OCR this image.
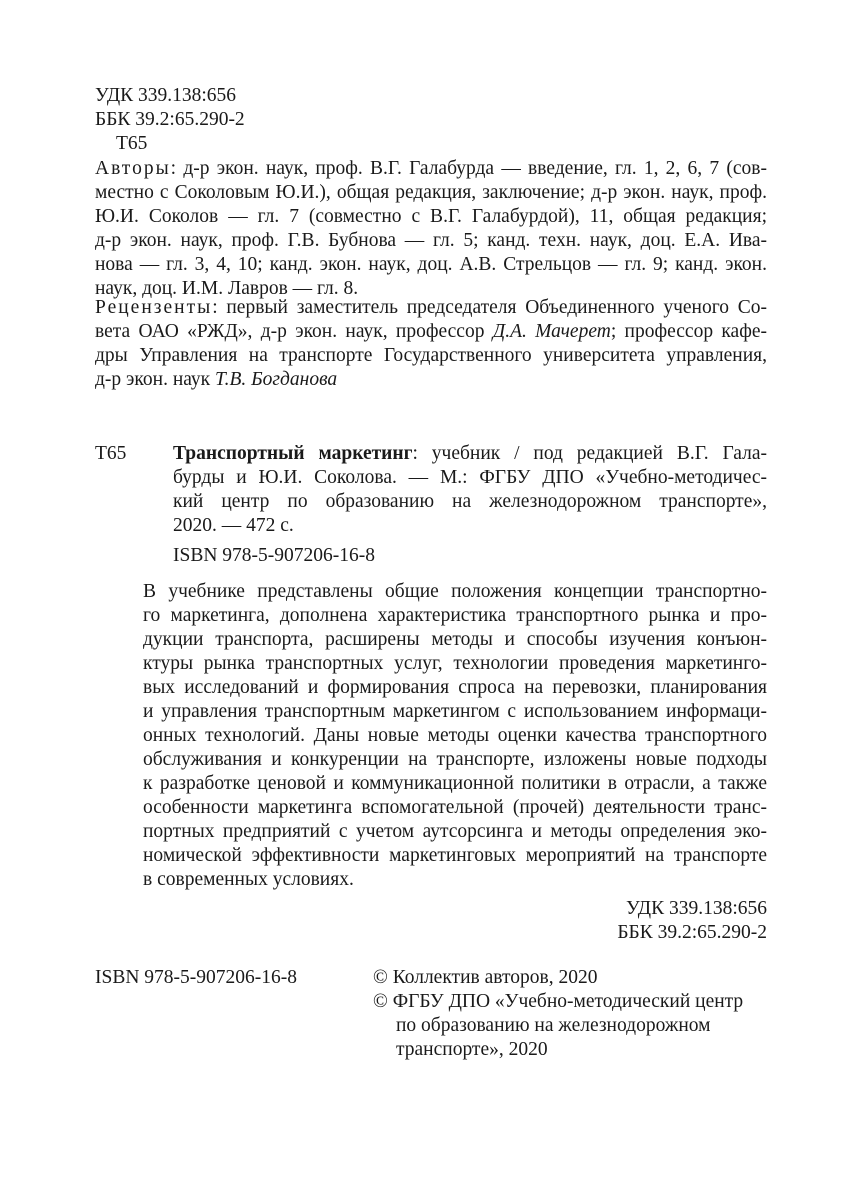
УДК 339.138:656
ББК 39.2:65.290-2
Т65
Авторы: д-р экон. наук, проф. В.Г. Галабурда — введение, гл. 1, 2, 6, 7 (сов-
местно с Соколовым Ю.И.), общая редакция, заключение; д-р экон. наук, проф.
Ю.И. Соколов — гл. 7 (совместно с В.Г. Галабурдой), 11, общая редакция;
д-р экон. наук, проф. Г.В. Бубнова — гл. 5; канд. техн. наук, доц. Е.А. Ива-
нова — гл. 3, 4, 10; канд. экон. наук, доц. А.В. Стрельцов — гл. 9; канд. экон.
наук, доц. И.М. Лавров — гл. 8.
Рецензенты: первый заместитель председателя Объединенного ученого Со-
вета ОАО «РЖД», д-р экон. наук, профессор Д.А. Мачерет; профессор кафе-
дры Управления на транспорте Государственного университета управления,
д-р экон. наук Т.В. Богданова
Т65 Транспортный маркетинг: учебник / под редакцией В.Г. Гала-
бурды и Ю.И. Соколова. — М.: ФГБУ ДПО «Учебно-методичес-
кий центр по образованию на железнодорожном транспорте»,
2020. — 472 с.
ISBN 978-5-907206-16-8
В учебнике представлены общие положения концепции транспортно-
го маркетинга, дополнена характеристика транспортного рынка и про-
дукции транспорта, расширены методы и способы изучения конъюн-
ктуры рынка транспортных услуг, технологии проведения маркетинго-
вых исследований и формирования спроса на перевозки, планирования
и управления транспортным маркетингом с использованием информаци-
онных технологий. Даны новые методы оценки качества транспортного
обслуживания и конкуренции на транспорте, изложены новые подходы
к разработке ценовой и коммуникационной политики в отрасли, а также
особенности маркетинга вспомогательной (прочей) деятельности транс-
портных предприятий с учетом аутсорсинга и методы определения эко-
номической эффективности маркетинговых мероприятий на транспорте
в современных условиях.
УДК 339.138:656
ББК 39.2:65.290-2
ISBN 978-5-907206-16-8	© Коллектив авторов, 2020
© ФГБУ ДПО «Учебно-методический центр
по образованию на железнодорожном
транспорте», 2020
